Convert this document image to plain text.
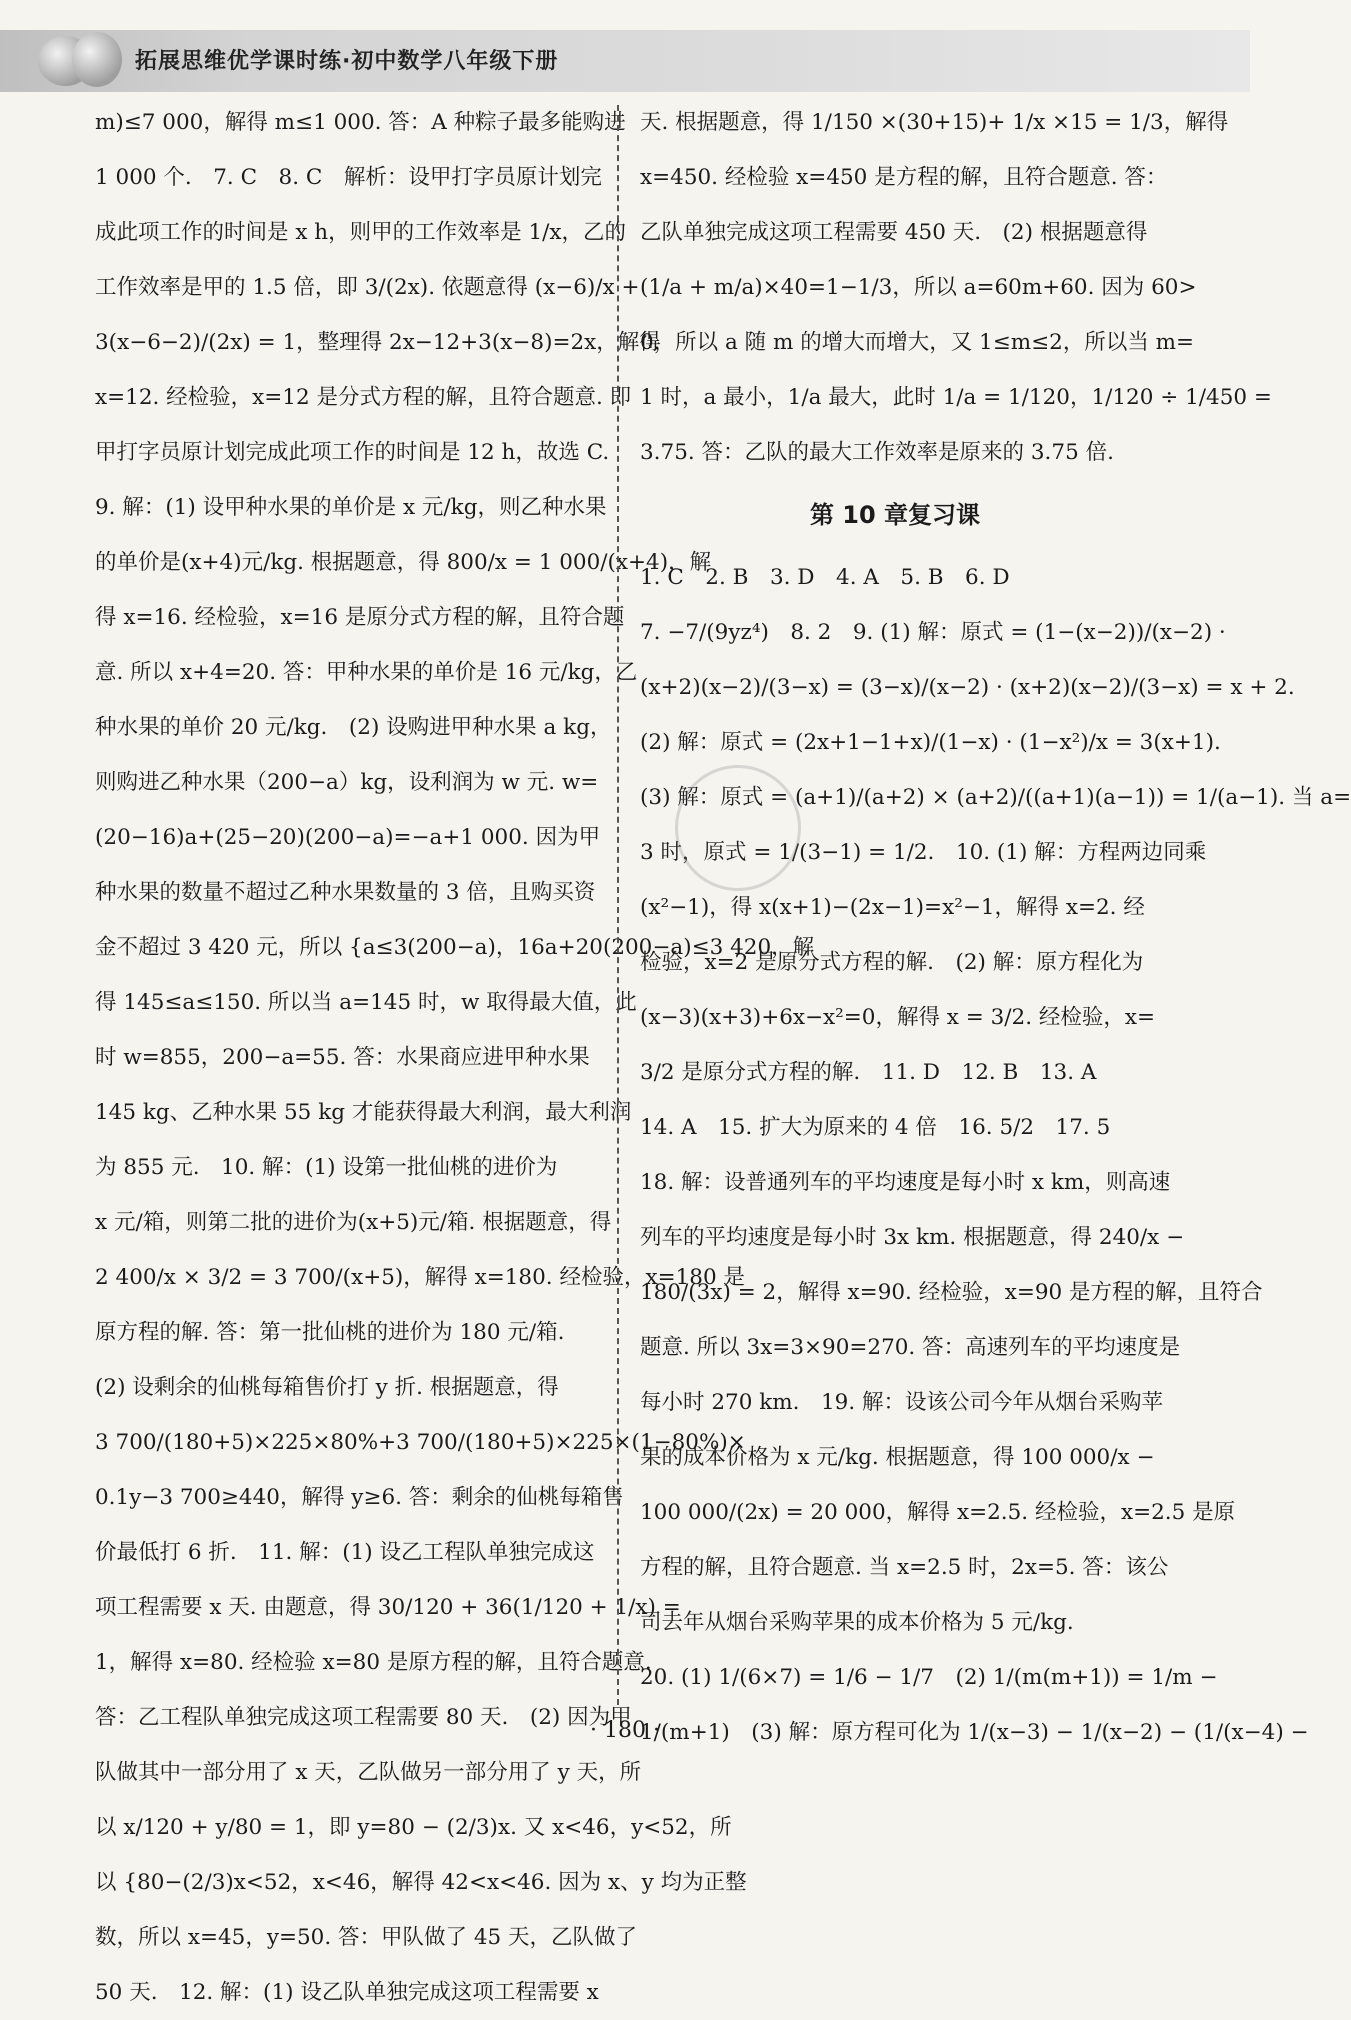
拓展思维优学课时练·初中数学八年级下册
m)≤7 000，解得 m≤1 000. 答：A 种粽子最多能购进
1 000 个.　7. C　8. C　解析：设甲打字员原计划完
成此项工作的时间是 x h，则甲的工作效率是 1/x，乙的
工作效率是甲的 1.5 倍，即 3/(2x). 依题意得 (x−6)/x +
3(x−6−2)/(2x) = 1，整理得 2x−12+3(x−8)=2x，解得
x=12. 经检验，x=12 是分式方程的解，且符合题意. 即
甲打字员原计划完成此项工作的时间是 12 h，故选 C.
9. 解：(1) 设甲种水果的单价是 x 元/kg，则乙种水果
的单价是(x+4)元/kg. 根据题意，得 800/x = 1 000/(x+4)，解
得 x=16. 经检验，x=16 是原分式方程的解，且符合题
意. 所以 x+4=20. 答：甲种水果的单价是 16 元/kg，乙
种水果的单价 20 元/kg.　(2) 设购进甲种水果 a kg，
则购进乙种水果（200−a）kg，设利润为 w 元. w=
(20−16)a+(25−20)(200−a)=−a+1 000. 因为甲
种水果的数量不超过乙种水果数量的 3 倍，且购买资
金不超过 3 420 元，所以 {a≤3(200−a)，16a+20(200−a)≤3 420，解
得 145≤a≤150. 所以当 a=145 时，w 取得最大值，此
时 w=855，200−a=55. 答：水果商应进甲种水果
145 kg、乙种水果 55 kg 才能获得最大利润，最大利润
为 855 元.　10. 解：(1) 设第一批仙桃的进价为
x 元/箱，则第二批的进价为(x+5)元/箱. 根据题意，得
2 400/x × 3/2 = 3 700/(x+5)，解得 x=180. 经检验，x=180 是
原方程的解. 答：第一批仙桃的进价为 180 元/箱.
(2) 设剩余的仙桃每箱售价打 y 折. 根据题意，得
3 700/(180+5)×225×80%+3 700/(180+5)×225×(1−80%)×
0.1y−3 700≥440，解得 y≥6. 答：剩余的仙桃每箱售
价最低打 6 折.　11. 解：(1) 设乙工程队单独完成这
项工程需要 x 天. 由题意，得 30/120 + 36(1/120 + 1/x) =
1，解得 x=80. 经检验 x=80 是原方程的解，且符合题意.
答：乙工程队单独完成这项工程需要 80 天.　(2) 因为甲
队做其中一部分用了 x 天，乙队做另一部分用了 y 天，所
以 x/120 + y/80 = 1，即 y=80 − (2/3)x. 又 x<46，y<52，所
以 {80−(2/3)x<52，x<46，解得 42<x<46. 因为 x、y 均为正整
数，所以 x=45，y=50. 答：甲队做了 45 天，乙队做了
50 天.　12. 解：(1) 设乙队单独完成这项工程需要 x
天. 根据题意，得 1/150 ×(30+15)+ 1/x ×15 = 1/3，解得
x=450. 经检验 x=450 是方程的解，且符合题意. 答：
乙队单独完成这项工程需要 450 天.　(2) 根据题意得
(1/a + m/a)×40=1−1/3，所以 a=60m+60. 因为 60>
0，所以 a 随 m 的增大而增大，又 1≤m≤2，所以当 m=
1 时，a 最小，1/a 最大，此时 1/a = 1/120，1/120 ÷ 1/450 =
3.75. 答：乙队的最大工作效率是原来的 3.75 倍.
第 10 章复习课
1. C　2. B　3. D　4. A　5. B　6. D
7. −7/(9yz⁴)　8. 2　9. (1) 解：原式 = (1−(x−2))/(x−2) ·
(x+2)(x−2)/(3−x) = (3−x)/(x−2) · (x+2)(x−2)/(3−x) = x + 2.
(2) 解：原式 = (2x+1−1+x)/(1−x) · (1−x²)/x = 3(x+1).
(3) 解：原式 = (a+1)/(a+2) × (a+2)/((a+1)(a−1)) = 1/(a−1). 当 a=
3 时，原式 = 1/(3−1) = 1/2.　10. (1) 解：方程两边同乘
(x²−1)，得 x(x+1)−(2x−1)=x²−1，解得 x=2. 经
检验，x=2 是原分式方程的解.　(2) 解：原方程化为
(x−3)(x+3)+6x−x²=0，解得 x = 3/2. 经检验，x=
3/2 是原分式方程的解.　11. D　12. B　13. A
14. A　15. 扩大为原来的 4 倍　16. 5/2　17. 5
18. 解：设普通列车的平均速度是每小时 x km，则高速
列车的平均速度是每小时 3x km. 根据题意，得 240/x −
180/(3x) = 2，解得 x=90. 经检验，x=90 是方程的解，且符合
题意. 所以 3x=3×90=270. 答：高速列车的平均速度是
每小时 270 km.　19. 解：设该公司今年从烟台采购苹
果的成本价格为 x 元/kg. 根据题意，得 100 000/x −
100 000/(2x) = 20 000，解得 x=2.5. 经检验，x=2.5 是原
方程的解，且符合题意. 当 x=2.5 时，2x=5. 答：该公
司去年从烟台采购苹果的成本价格为 5 元/kg.
20. (1) 1/(6×7) = 1/6 − 1/7　(2) 1/(m(m+1)) = 1/m −
1/(m+1)　(3) 解：原方程可化为 1/(x−3) − 1/(x−2) − (1/(x−4) −
· 180 ·
